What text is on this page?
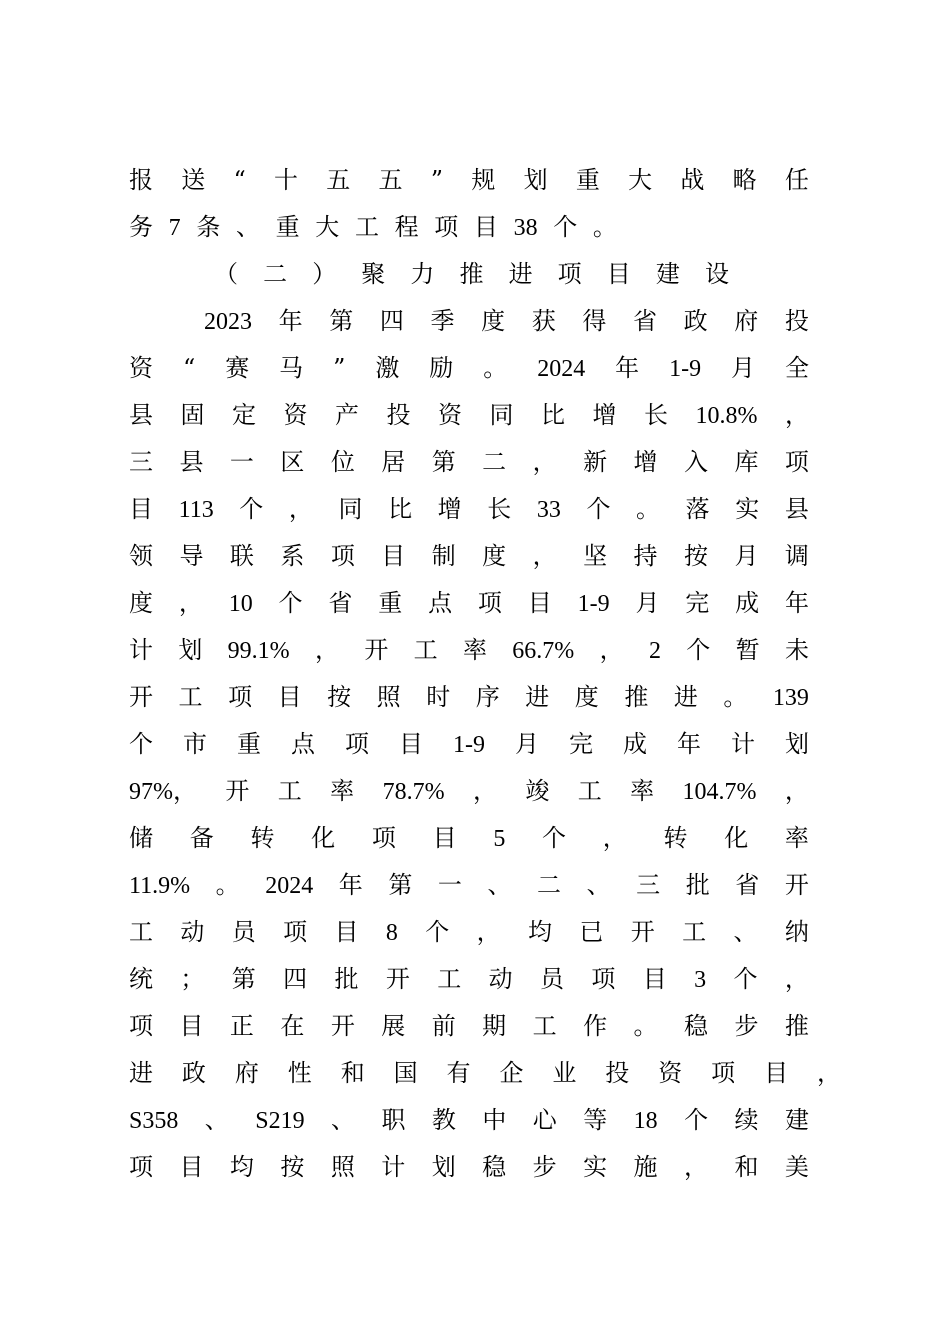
报 送 “ 十 五 五 ” 规 划 重 大 战 略 任
务 7 条 、 重 大 工 程 项 目 38 个 。
（ 二 ） 聚 力 推 进 项 目 建 设
2023 年 第 四 季 度 获 得 省 政 府 投
资 “ 赛 马 ” 激 励 。 2024 年 1-9 月 全
县 固 定 资 产 投 资 同 比 增 长 10.8% ，
三 县 一 区 位 居 第 二 ， 新 增 入 库 项
目 113 个 ， 同 比 增 长 33 个 。 落 实 县
领 导 联 系 项 目 制 度 ， 坚 持 按 月 调
度 ， 10 个 省 重 点 项 目 1-9 月 完 成 年
计 划 99.1% ， 开 工 率 66.7% ， 2 个 暂 未
开 工 项 目 按 照 时 序 进 度 推 进 。 139
个 市 重 点 项 目 1-9 月 完 成 年 计 划
97%， 开 工 率 78.7% ， 竣 工 率 104.7% ，
储 备 转 化 项 目 5 个 ， 转 化 率
11.9% 。 2024 年 第 一 、 二 、 三 批 省 开
工 动 员 项 目 8 个 ， 均 已 开 工 、 纳
统 ； 第 四 批 开 工 动 员 项 目 3 个 ，
项 目 正 在 开 展 前 期 工 作 。 稳 步 推
进 政 府 性 和 国 有 企 业 投 资 项 目 ，
S358 、 S219 、 职 教 中 心 等 18 个 续 建
项 目 均 按 照 计 划 稳 步 实 施 ， 和 美
